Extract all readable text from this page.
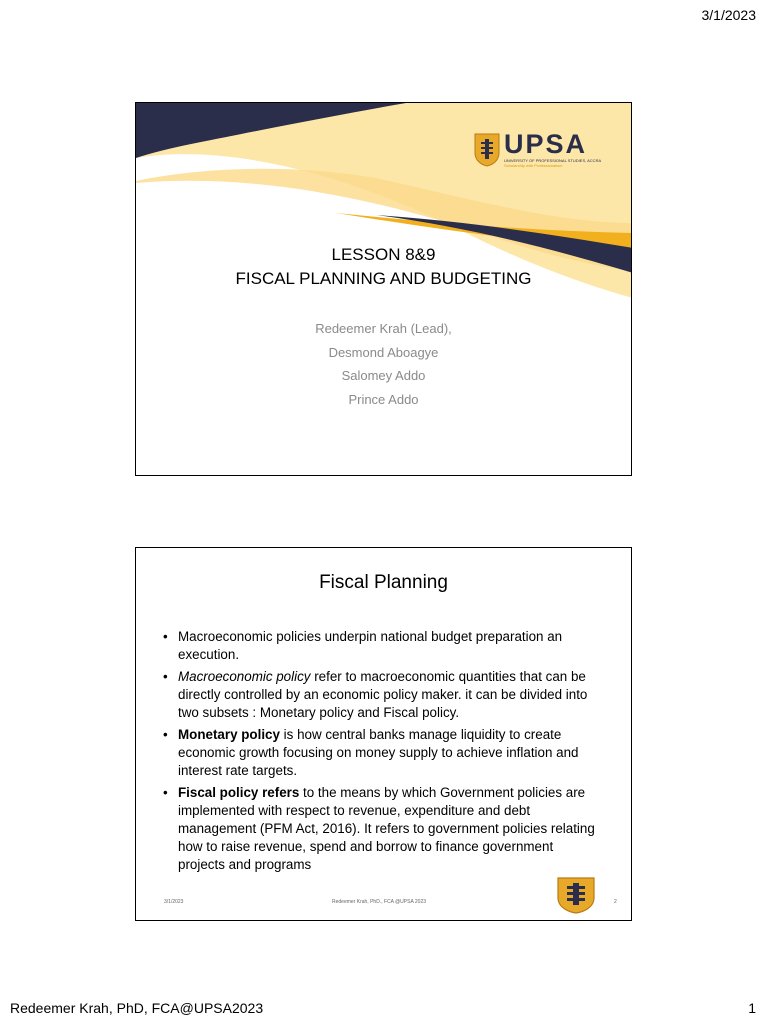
3/1/2023
UPSA
UNIVERSITY OF PROFESSIONAL STUDIES, ACCRA
Scholarship with Professionalism
LESSON 8&9
FISCAL PLANNING AND BUDGETING
Redeemer Krah (Lead),
Desmond Aboagye
Salomey Addo
Prince Addo
Fiscal Planning
• Macroeconomic policies underpin national budget preparation an execution.
• Macroeconomic policy refer to macroeconomic quantities that can be directly controlled by an economic policy maker. it can be divided into two subsets : Monetary policy and Fiscal policy.
• Monetary policy is how central banks manage liquidity to create economic growth focusing on money supply to achieve inflation and interest rate targets.
• Fiscal policy refers to the means by which Government policies are implemented with respect to revenue, expenditure and debt management (PFM Act, 2016). It refers to government policies relating how to raise revenue, spend and borrow to finance government projects and programs
3/1/2023	Redeemer Krah, PhD., FCA @UPSA 2023	2
Redeemer Krah, PhD, FCA@UPSA2023	1
